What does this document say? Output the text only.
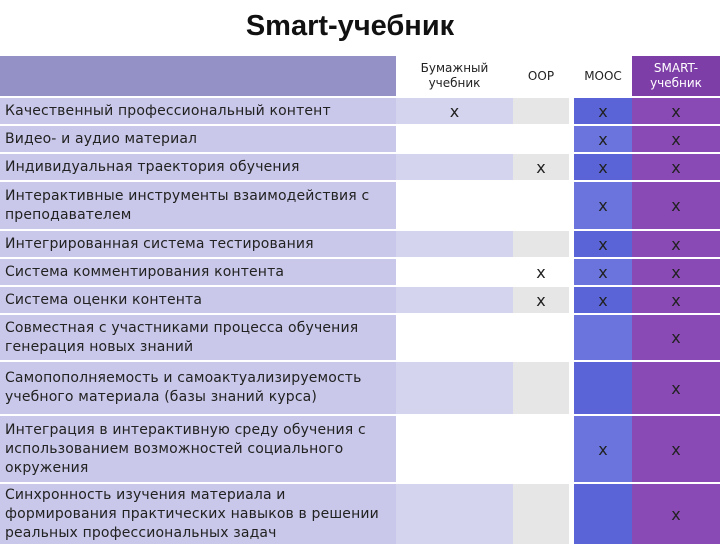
Smart-учебник
	Бумажный учебник	OOP		MOOC	SMART-учебник
Качественный профессиональный контент	x			x	x
Видео- и аудио материал				x	x
Индивидуальная траектория обучения		x		x	x
Интерактивные инструменты взаимодействия с преподавателем				x	x
Интегрированная система тестирования				x	x
Система комментирования контента		x		x	x
Система оценки контента		x		x	x
Совместная с участниками процесса обучения генерация новых знаний					x
Самопополняемость и самоактуализируемость учебного материала (базы знаний курса)					x
Интеграция в интерактивную среду обучения с использованием возможностей социального окружения				x	x
Синхронность изучения материала и формирования практических навыков в решении реальных профессиональных задач					x
